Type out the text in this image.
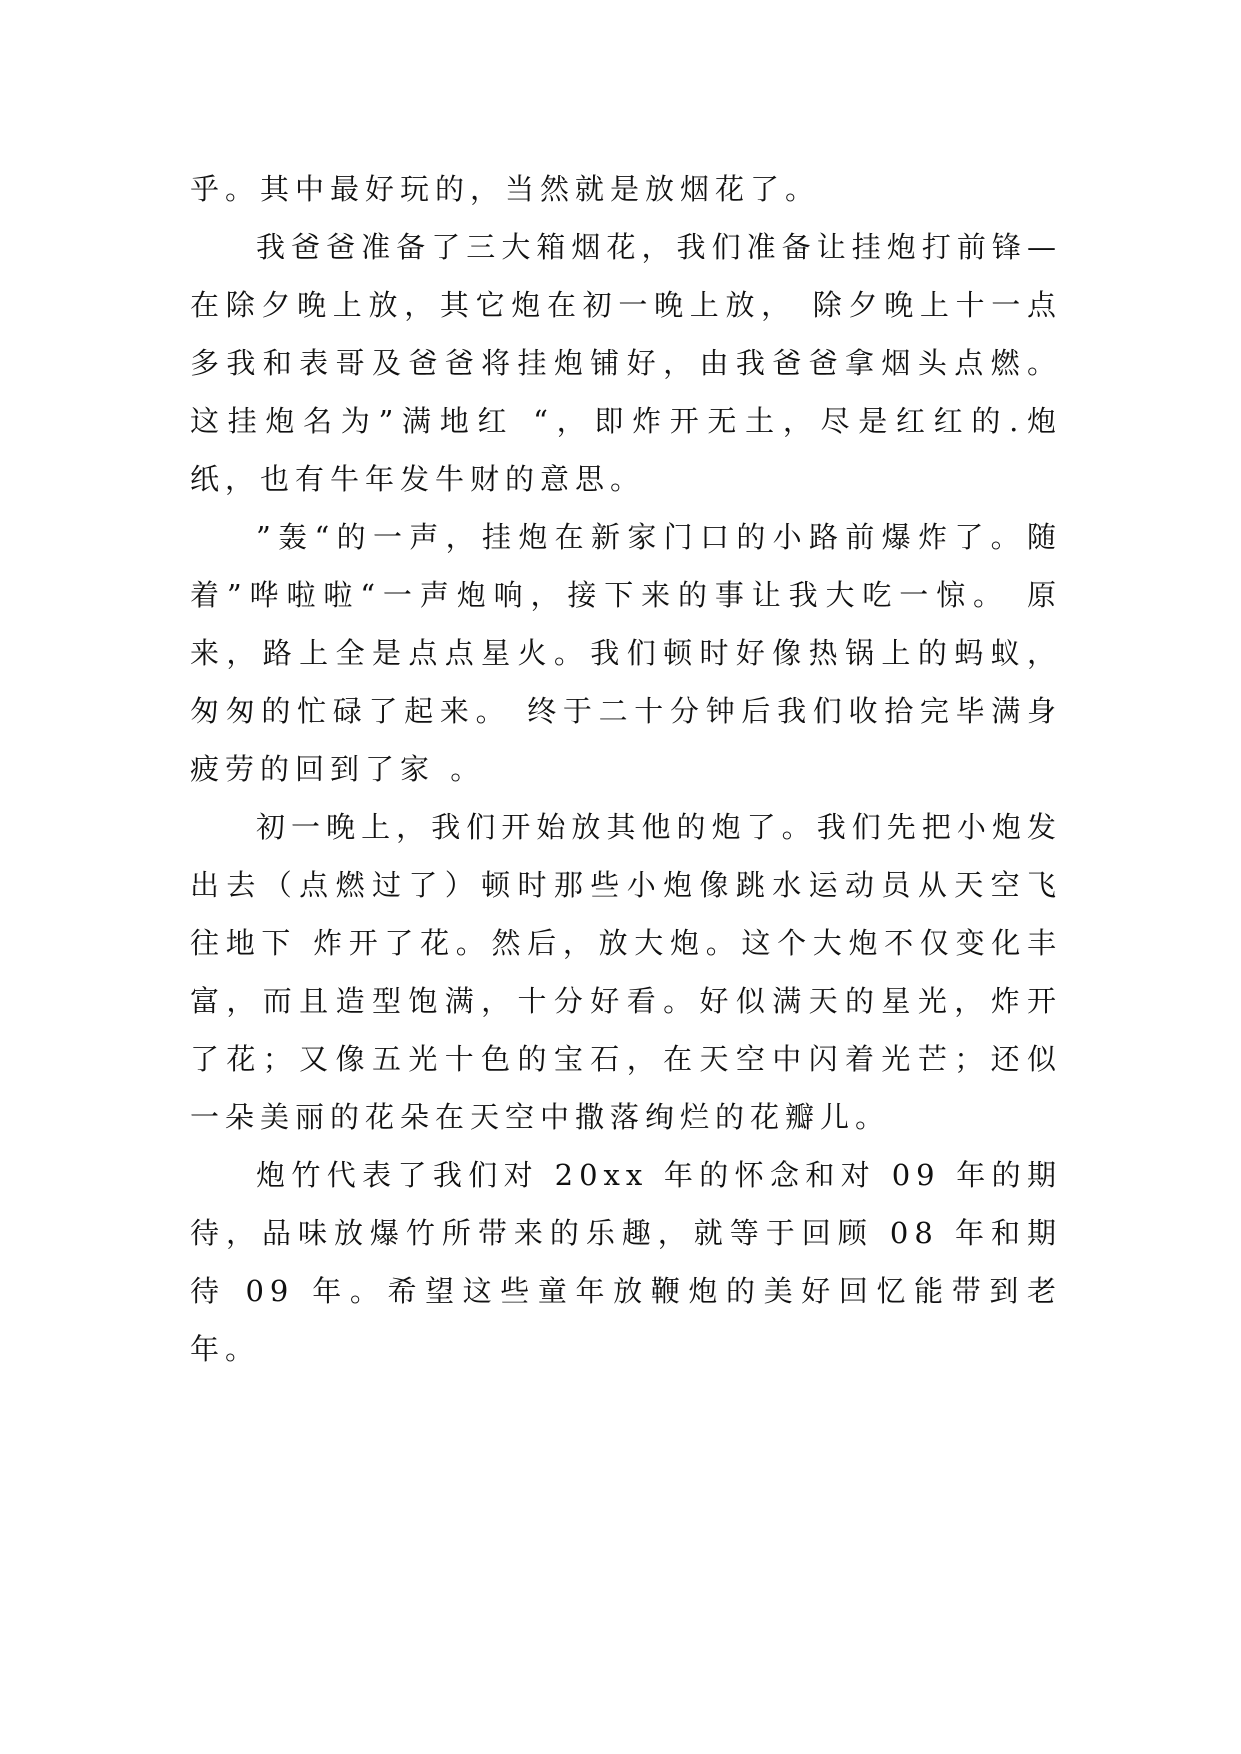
乎。其中最好玩的，当然就是放烟花了。

我爸爸准备了三大箱烟花，我们准备让挂炮打前锋—在除夕晚上放，其它炮在初一晚上放， 除夕晚上十一点多我和表哥及爸爸将挂炮铺好，由我爸爸拿烟头点燃。这挂炮名为”满地红 “，即炸开无土，尽是红红的.炮纸，也有牛年发牛财的意思。

”轰“的一声，挂炮在新家门口的小路前爆炸了。随着”哗啦啦“一声炮响，接下来的事让我大吃一惊。 原来，路上全是点点星火。我们顿时好像热锅上的蚂蚁，匆匆的忙碌了起来。 终于二十分钟后我们收拾完毕满身疲劳的回到了家 。

初一晚上，我们开始放其他的炮了。我们先把小炮发出去（点燃过了）顿时那些小炮像跳水运动员从天空飞往地下 炸开了花。然后，放大炮。这个大炮不仅变化丰富，而且造型饱满，十分好看。好似满天的星光，炸开了花；又像五光十色的宝石，在天空中闪着光芒；还似一朵美丽的花朵在天空中撒落绚烂的花瓣儿。

炮竹代表了我们对 20xx 年的怀念和对 09 年的期待，品味放爆竹所带来的乐趣，就等于回顾 08 年和期待 09 年。希望这些童年放鞭炮的美好回忆能带到老年。
